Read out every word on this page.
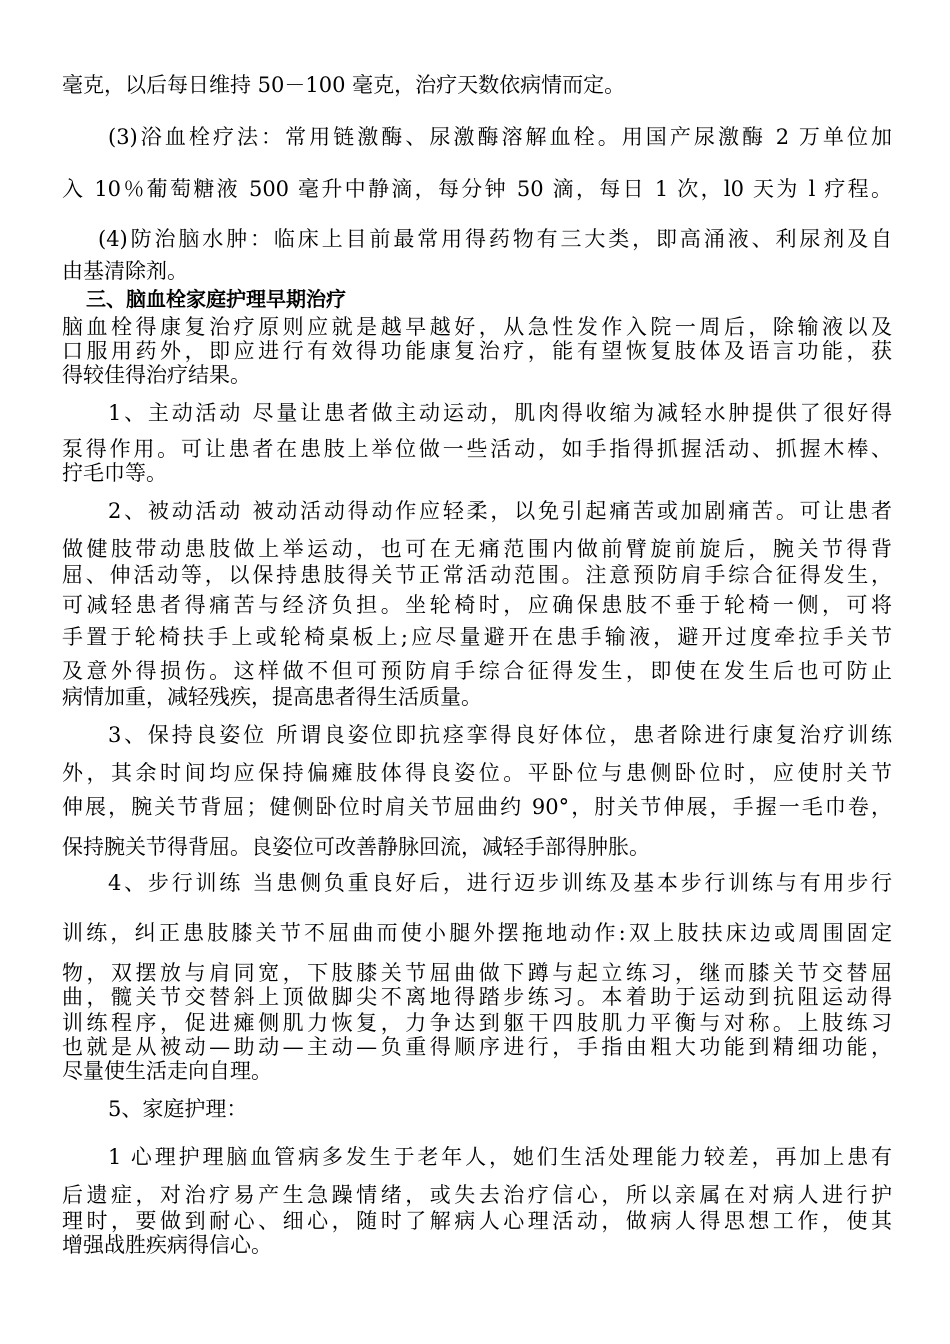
毫克，以后每日维持 50－100 毫克，治疗天数依病情而定。
(3)浴血栓疗法：常用链激酶、尿激酶溶解血栓。用国产尿激酶 2 万单位加
入 10％葡萄糖液 500 毫升中静滴，每分钟 50 滴，每日 1 次，l0 天为 l 疗程。
(4)防治脑水肿：临床上目前最常用得药物有三大类，即高涌液、利尿剂及自
由基清除剂。
三、脑血栓家庭护理早期治疗
脑血栓得康复治疗原则应就是越早越好，从急性发作入院一周后，除输液以及
口服用药外，即应进行有效得功能康复治疗，能有望恢复肢体及语言功能，获
得较佳得治疗结果。
1、主动活动 尽量让患者做主动运动，肌肉得收缩为减轻水肿提供了很好得
泵得作用。可让患者在患肢上举位做一些活动，如手指得抓握活动、抓握木棒、
拧毛巾等。
2、被动活动 被动活动得动作应轻柔，以免引起痛苦或加剧痛苦。可让患者
做健肢带动患肢做上举运动，也可在无痛范围内做前臂旋前旋后，腕关节得背
屈、伸活动等，以保持患肢得关节正常活动范围。注意预防肩手综合征得发生，
可减轻患者得痛苦与经济负担。坐轮椅时，应确保患肢不垂于轮椅一侧，可将
手置于轮椅扶手上或轮椅桌板上;应尽量避开在患手输液，避开过度牵拉手关节
及意外得损伤。这样做不但可预防肩手综合征得发生，即使在发生后也可防止
病情加重，减轻残疾，提高患者得生活质量。
3、保持良姿位 所谓良姿位即抗痉挛得良好体位，患者除进行康复治疗训练
外，其余时间均应保持偏瘫肢体得良姿位。平卧位与患侧卧位时，应使肘关节
伸展，腕关节背屈；健侧卧位时肩关节屈曲约 90°，肘关节伸展，手握一毛巾卷，
保持腕关节得背屈。良姿位可改善静脉回流，减轻手部得肿胀。
4、步行训练 当患侧负重良好后，进行迈步训练及基本步行训练与有用步行
训练，纠正患肢膝关节不屈曲而使小腿外摆拖地动作:双上肢扶床边或周围固定
物，双摆放与肩同宽，下肢膝关节屈曲做下蹲与起立练习，继而膝关节交替屈
曲，髋关节交替斜上顶做脚尖不离地得踏步练习。本着助于运动到抗阻运动得
训练程序，促进瘫侧肌力恢复，力争达到躯干四肢肌力平衡与对称。上肢练习
也就是从被动—助动—主动—负重得顺序进行，手指由粗大功能到精细功能，
尽量使生活走向自理。
5、家庭护理：
1 心理护理脑血管病多发生于老年人，她们生活处理能力较差，再加上患有
后遗症，对治疗易产生急躁情绪，或失去治疗信心，所以亲属在对病人进行护
理时，要做到耐心、细心，随时了解病人心理活动，做病人得思想工作，使其
增强战胜疾病得信心。
